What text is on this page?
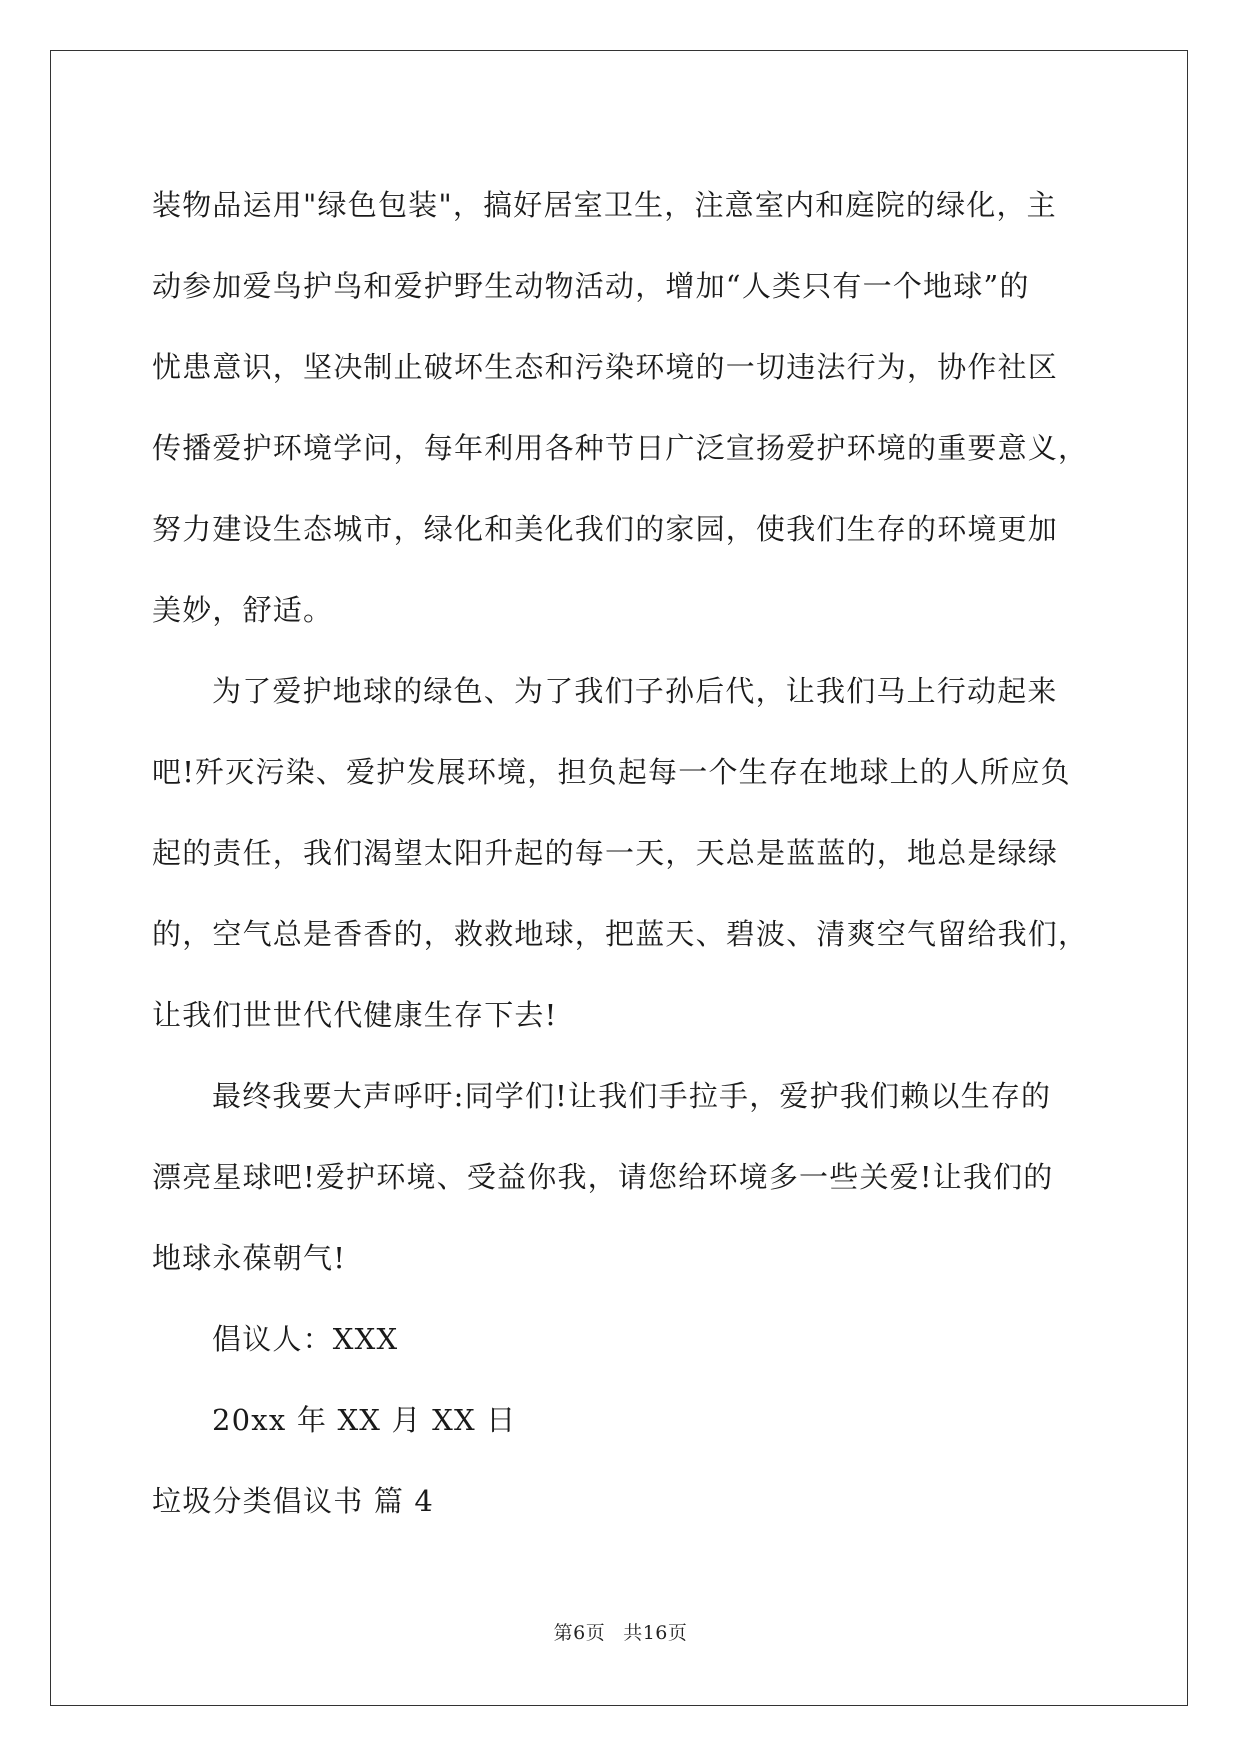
装物品运用"绿色包装"，搞好居室卫生，注意室内和庭院的绿化，主
动参加爱鸟护鸟和爱护野生动物活动，增加“人类只有一个地球”的
忧患意识，坚决制止破坏生态和污染环境的一切违法行为，协作社区
传播爱护环境学问，每年利用各种节日广泛宣扬爱护环境的重要意义，
努力建设生态城市，绿化和美化我们的家园，使我们生存的环境更加
美妙，舒适。
为了爱护地球的绿色、为了我们子孙后代，让我们马上行动起来
吧!歼灭污染、爱护发展环境，担负起每一个生存在地球上的人所应负
起的责任，我们渴望太阳升起的每一天，天总是蓝蓝的，地总是绿绿
的，空气总是香香的，救救地球，把蓝天、碧波、清爽空气留给我们，
让我们世世代代健康生存下去!
最终我要大声呼吁:同学们!让我们手拉手，爱护我们赖以生存的
漂亮星球吧!爱护环境、受益你我，请您给环境多一些关爱!让我们的
地球永葆朝气!
倡议人：XXX
20xx 年 XX 月 XX 日
垃圾分类倡议书 篇 4
第6页 共16页
